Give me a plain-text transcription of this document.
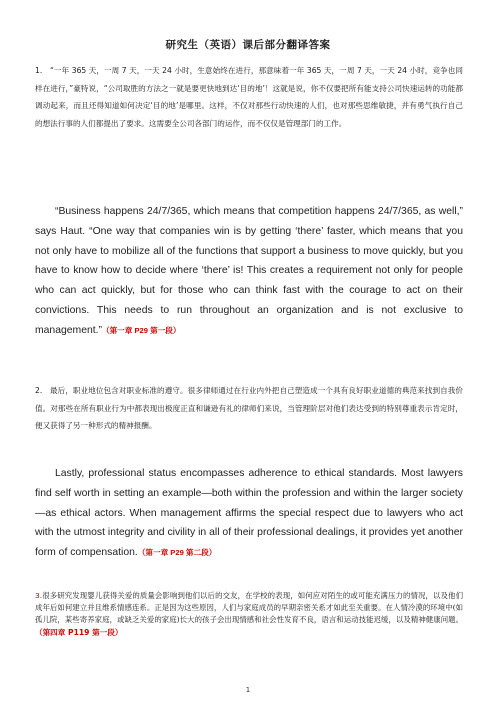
研究生（英语）课后部分翻译答案
1.　“一年 365 天，一周 7 天，一天 24 小时，生意始终在进行，那意味着一年 365 天，一周 7 天，一天 24 小时，竞争也同样在进行，”豪特说，“公司取胜的方法之一就是要更快地到达‘目的地’！这就是说，你不仅要把所有能支持公司快速运转的功能都调动起来，而且还得知道如何决定‘目的地’是哪里。这样，不仅对那些行动快速的人们，也对那些思维敏捷，并有勇气执行自己的想法行事的人们都提出了要求。这需要全公司各部门的运作，而不仅仅是管理部门的工作。
“Business happens 24/7/365, which means that competition happens 24/7/365, as well,” says Haut. “One way that companies win is by getting ‘there’ faster, which means that you not only have to mobilize all of the functions that support a business to move quickly, but you have to know how to decide where ‘there’ is! This creates a requirement not only for people who can act quickly, but for those who can think fast with the courage to act on their convictions. This needs to run throughout an organization and is not exclusive to management.”（第一章 P29 第一段）
2.　最后，职业地位包含对职业标准的遵守。很多律师通过在行业内外把自己塑造成一个具有良好职业道德的典范来找到自我价值。对那些在所有职业行为中都表现出极度正直和谦逊有礼的律师们来说，当管理阶层对他们表达受到的特别尊重表示肯定时，便又获得了另一种形式的精神报酬。
Lastly, professional status encompasses adherence to ethical standards. Most lawyers find self worth in setting an example—both within the profession and within the larger society—as ethical actors. When management affirms the special respect due to lawyers who act with the utmost integrity and civility in all of their professional dealings, it provides yet another form of compensation.（第一章 P29 第二段）
3.很多研究发现婴儿获得关爱的质量会影响到他们以后的交友，在学校的表现，如何应对陌生的或可能充满压力的情况，以及他们成年后如何建立并且维系情感连系。正是因为这些原因，人们与家庭成员的早期亲密关系才如此至关重要。在人情冷漠的环境中(如孤儿院，某些寄养家庭，或缺乏关爱的家庭)长大的孩子会出现情感和社会性发育不良，语言和运动技能迟缓，以及精神健康问题。（第四章 P119 第一段）
1
